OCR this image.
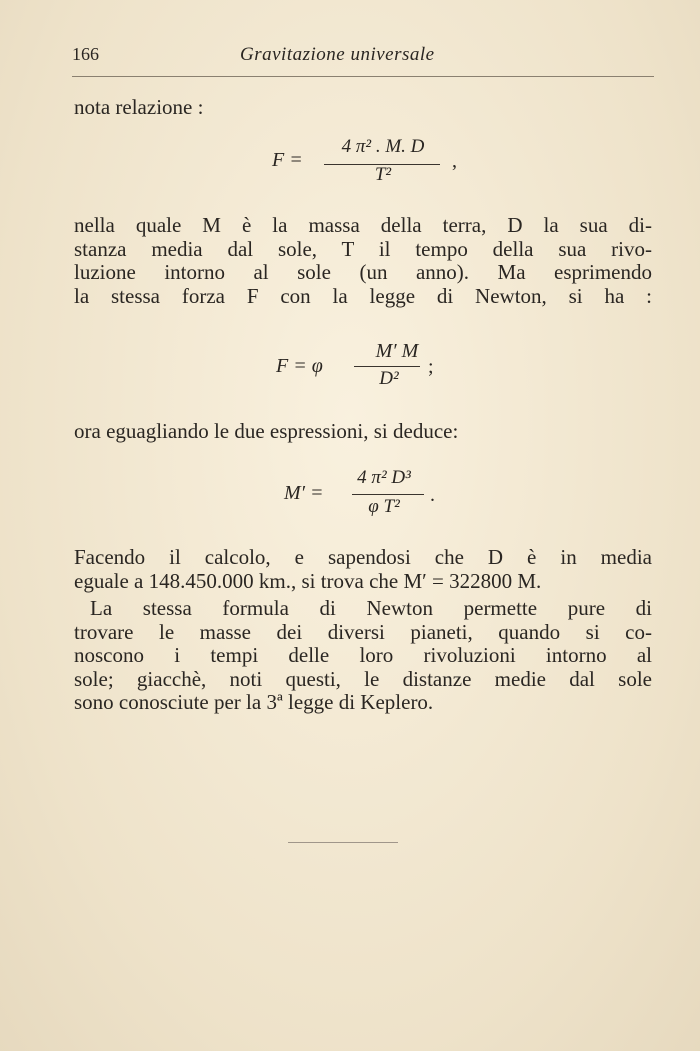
166	Gravitazione universale
nota relazione :
F =
4 π² . M. D
T²
,
nella quale M è la massa della terra, D la sua di-
stanza media dal sole, T il tempo della sua rivo-
luzione intorno al sole (un anno). Ma esprimendo
la stessa forza F con la legge di Newton, si ha :
F = φ
M′ M
D²
;
ora eguagliando le due espressioni, si deduce:
M′ =
4 π² D³
φ T²
.
Facendo il calcolo, e sapendosi che D è in media
eguale a 148.450.000 km., si trova che M′ = 322800 M.
La stessa formula di Newton permette pure di
trovare le masse dei diversi pianeti, quando si co-
noscono i tempi delle loro rivoluzioni intorno al
sole; giacchè, noti questi, le distanze medie dal sole
sono conosciute per la 3ª legge di Keplero.
